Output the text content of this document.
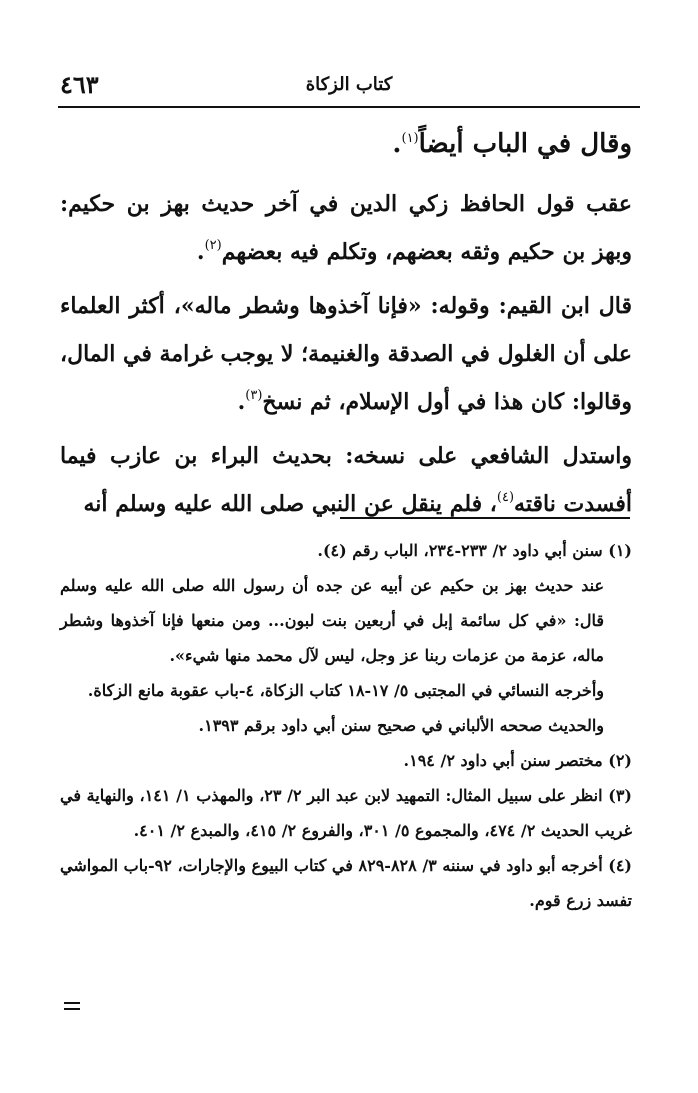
٤٦٣	كتاب الزكاة

وقال في الباب أيضاً$^{(١)}$.

عقب قول الحافظ زكي الدين في آخر حديث بهز بن حكيم: وبهز بن حكيم وثقه بعضهم، وتكلم فيه بعضهم$^{(٢)}$.

قال ابن القيم: وقوله: «فإنا آخذوها وشطر ماله»، أكثر العلماء على أن الغلول في الصدقة والغنيمة؛ لا يوجب غرامة في المال، وقالوا: كان هذا في أول الإسلام، ثم نسخ$^{(٣)}$.

واستدل الشافعي على نسخه: بحديث البراء بن عازب فيما أفسدت ناقته$^{(٤)}$، فلم ينقل عن النبي صلى الله عليه وسلم أنه

(١) سنن أبي داود ٢/ ٢٣٣-٢٣٤، الباب رقم (٤).

عند حديث بهز بن حكيم عن أبيه عن جده أن رسول الله صلى الله عليه وسلم قال: «في كل سائمة إبل في أربعين بنت لبون... ومن منعها فإنا آخذوها وشطر ماله، عزمة من عزمات ربنا عز وجل، ليس لآل محمد منها شيء».

وأخرجه النسائي في المجتبى ٥/ ١٧-١٨ كتاب الزكاة، ٤-باب عقوبة مانع الزكاة.

والحديث صححه الألباني في صحيح سنن أبي داود برقم ١٣٩٣.

(٢) مختصر سنن أبي داود ٢/ ١٩٤.

(٣) انظر على سبيل المثال: التمهيد لابن عبد البر ٢/ ٢٣، والمهذب ١/ ١٤١، والنهاية في غريب الحديث ٢/ ٤٧٤، والمجموع ٥/ ٣٠١، والفروع ٢/ ٤١٥، والمبدع ٢/ ٤٠١.

(٤) أخرجه أبو داود في سننه ٣/ ٨٢٨-٨٢٩ في كتاب البيوع والإجارات، ٩٢-باب المواشي تفسد زرع قوم.
